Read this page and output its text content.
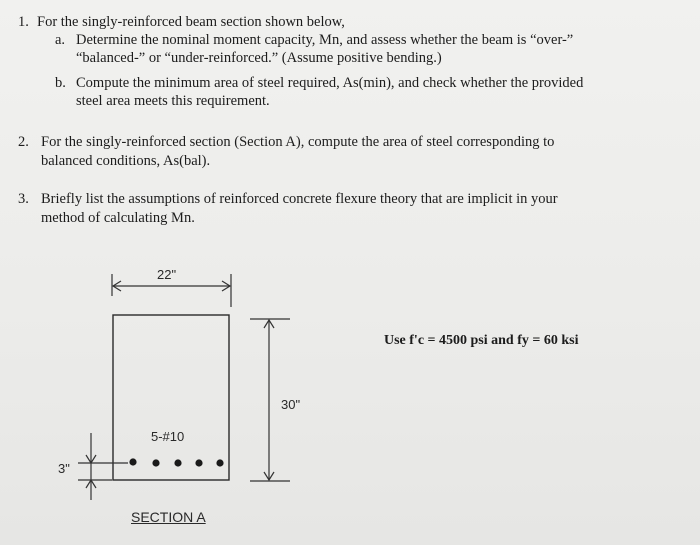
1. For the singly-reinforced beam section shown below,
a. Determine the nominal moment capacity, Mn, and assess whether the beam is “over-”
“balanced-” or “under-reinforced.” (Assume positive bending.)
b. Compute the minimum area of steel required, As(min), and check whether the provided
steel area meets this requirement.
2. For the singly-reinforced section (Section A), compute the area of steel corresponding to
balanced conditions, As(bal).
3. Briefly list the assumptions of reinforced concrete flexure theory that are implicit in your
method of calculating Mn.
22"
30"
5-#10
3"
SECTION A
Use f'c = 4500 psi and fy = 60 ksi
